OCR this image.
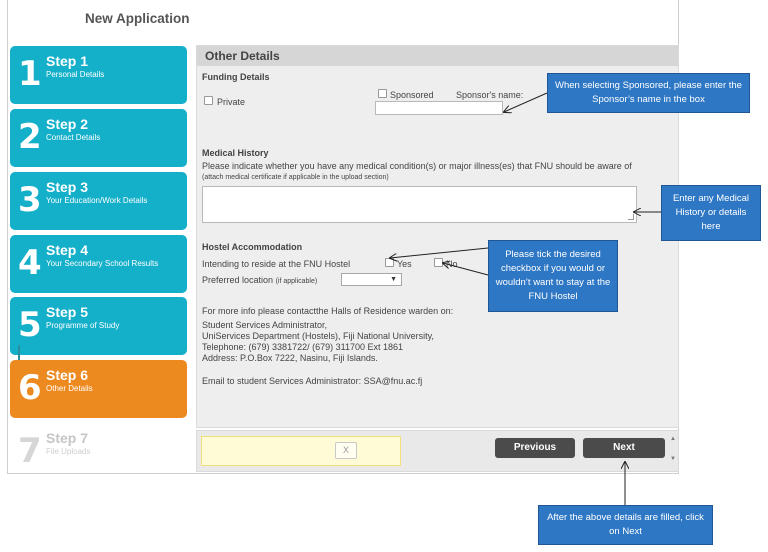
New Application
1 Step 1
Personal Details
2 Step 2
Contact Details
3 Step 3
Your Education/Work Details
4 Step 4
Your Secondary School Results
5 Step 5
Programme of Study
6 Step 6
Other Details
7 Step 7
File Uploads
Other Details
Funding Details
Private
Sponsored Sponsor's name:
Medical History
Please indicate whether you have any medical condition(s) or major illness(es) that FNU should be aware of
(attach medical certificate if applicable in the upload section)
Hostel Accommodation
Intending to reside at the FNU Hostel	Yes	No
Preferred location (if applicable)	▼
For more info please contactthe Halls of Residence warden on:
Student Services Administrator,
UniServices Department (Hostels), Fiji National University,
Telephone: (679) 3381722/ (679) 311700 Ext 1861
Address: P.O.Box 7222, Nasinu, Fiji Islands.
Email to student Services Administrator: SSA@fnu.ac.fj
X	Previous	Next
▲
▼
When selecting Sponsored, please enter the Sponsor’s name in the box
Enter any Medical History or details here
Please tick the desired checkbox if you would or wouldn’t want to stay at the FNU Hostel
After the above details are filled, click on Next
